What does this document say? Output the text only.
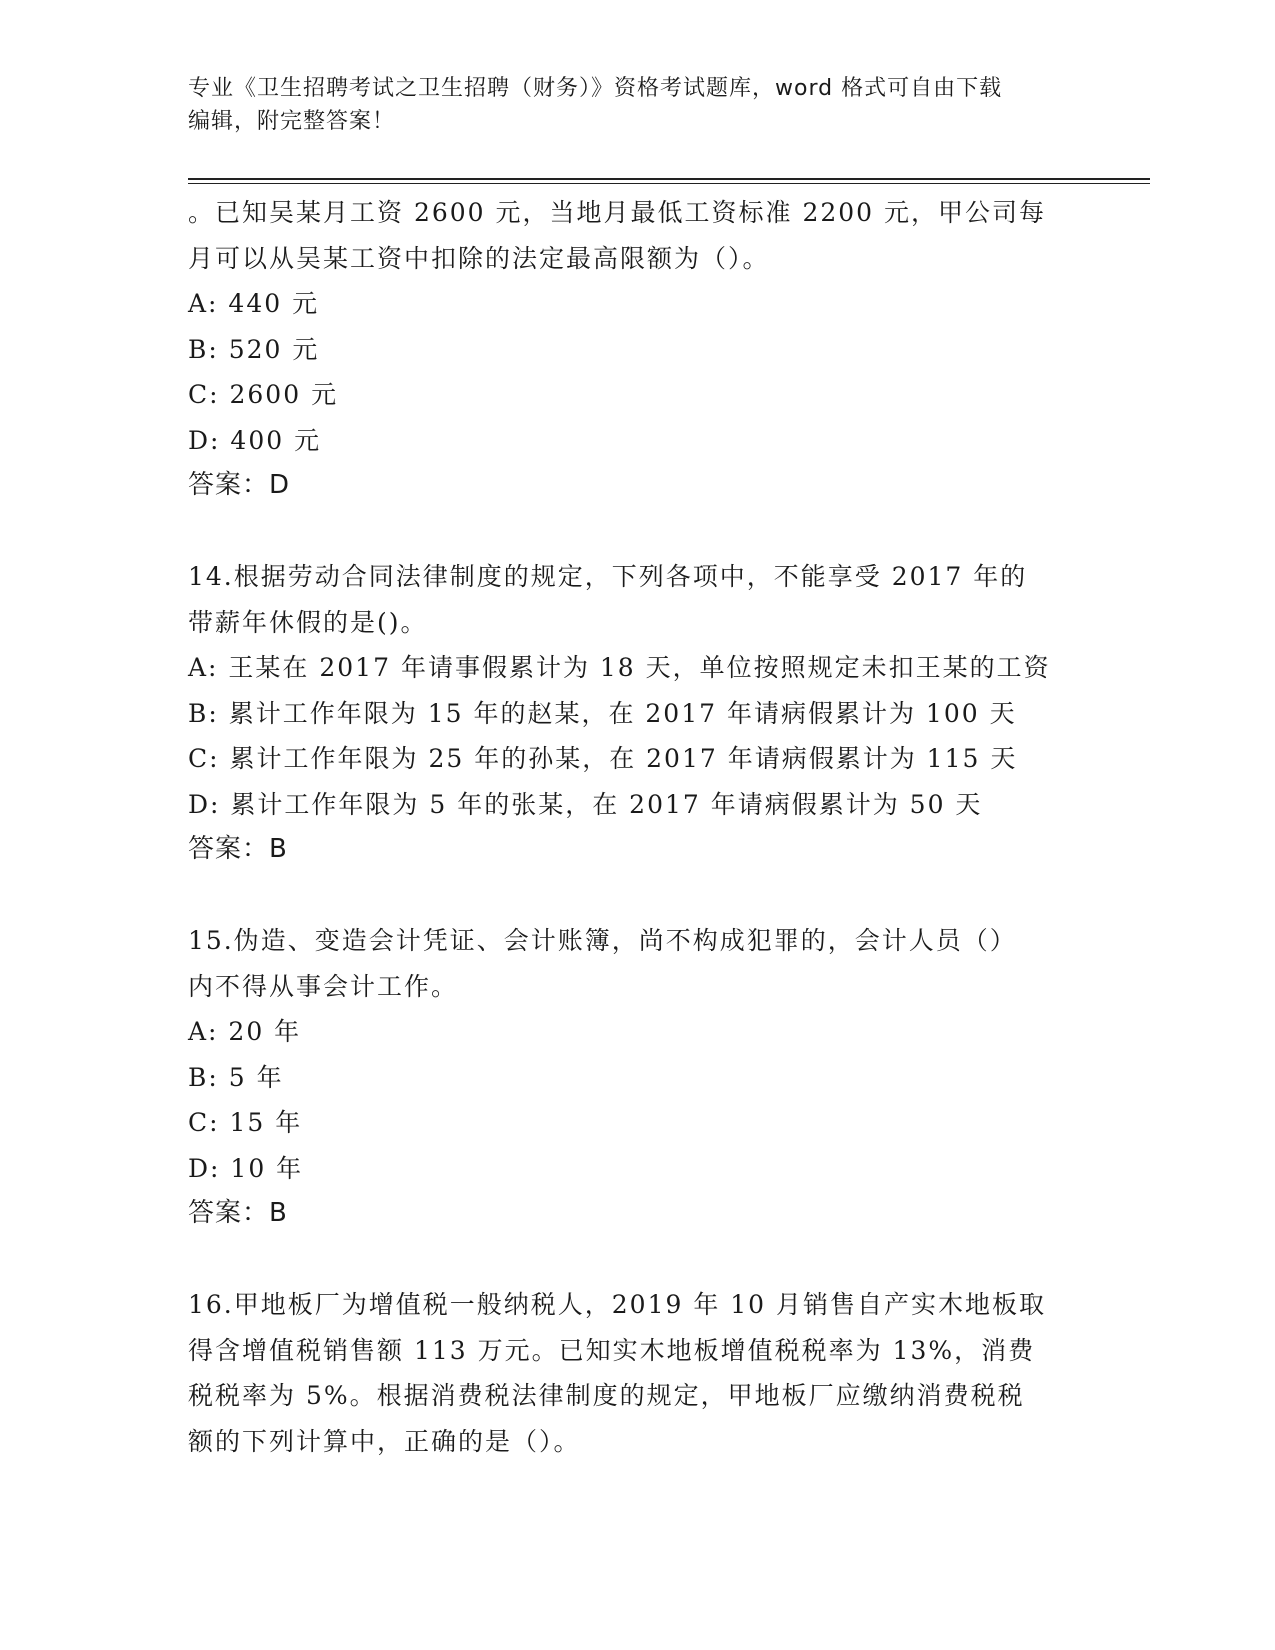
专业《卫生招聘考试之卫生招聘（财务）》资格考试题库，word 格式可自由下载
编辑，附完整答案！
。已知吴某月工资 2600 元，当地月最低工资标准 2200 元，甲公司每
月可以从吴某工资中扣除的法定最高限额为（）。
A: 440 元
B: 520 元
C: 2600 元
D: 400 元
答案：D
14.根据劳动合同法律制度的规定，下列各项中，不能享受 2017 年的
带薪年休假的是()。
A: 王某在 2017 年请事假累计为 18 天，单位按照规定未扣王某的工资
B: 累计工作年限为 15 年的赵某，在 2017 年请病假累计为 100 天
C: 累计工作年限为 25 年的孙某，在 2017 年请病假累计为 115 天
D: 累计工作年限为 5 年的张某，在 2017 年请病假累计为 50 天
答案：B
15.伪造、变造会计凭证、会计账簿，尚不构成犯罪的，会计人员（）
内不得从事会计工作。
A: 20 年
B: 5 年
C: 15 年
D: 10 年
答案：B
16.甲地板厂为增值税一般纳税人，2019 年 10 月销售自产实木地板取
得含增值税销售额 113 万元。已知实木地板增值税税率为 13%，消费
税税率为 5%。根据消费税法律制度的规定，甲地板厂应缴纳消费税税
额的下列计算中，正确的是（）。
